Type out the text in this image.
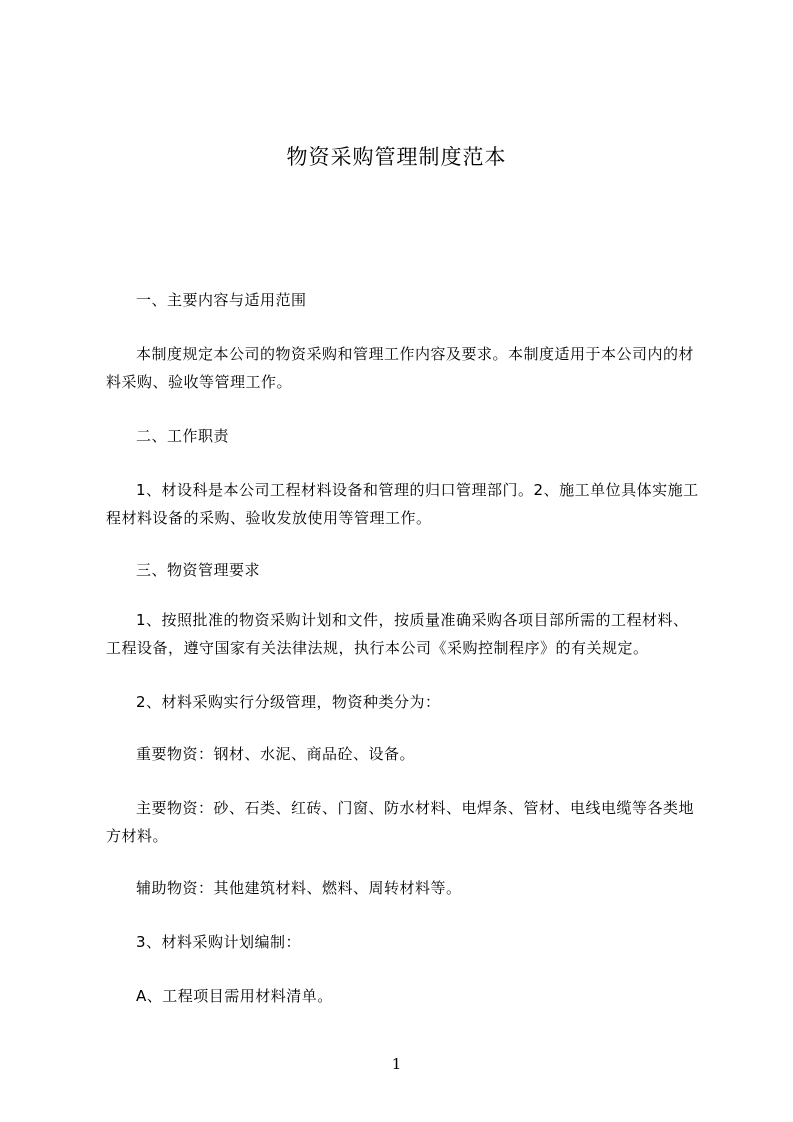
物资采购管理制度范本

一、主要内容与适用范围

本制度规定本公司的物资采购和管理工作内容及要求。本制度适用于本公司内的材料采购、验收等管理工作。

二、工作职责

1、材设科是本公司工程材料设备和管理的归口管理部门。2、施工单位具体实施工程材料设备的采购、验收发放使用等管理工作。

三、物资管理要求

1、按照批准的物资采购计划和文件，按质量准确采购各项目部所需的工程材料、工程设备，遵守国家有关法律法规，执行本公司《采购控制程序》的有关规定。

2、材料采购实行分级管理，物资种类分为：

重要物资：钢材、水泥、商品砼、设备。

主要物资：砂、石类、红砖、门窗、防水材料、电焊条、管材、电线电缆等各类地方材料。

辅助物资：其他建筑材料、燃料、周转材料等。

3、材料采购计划编制：

A、工程项目需用材料清单。

1
